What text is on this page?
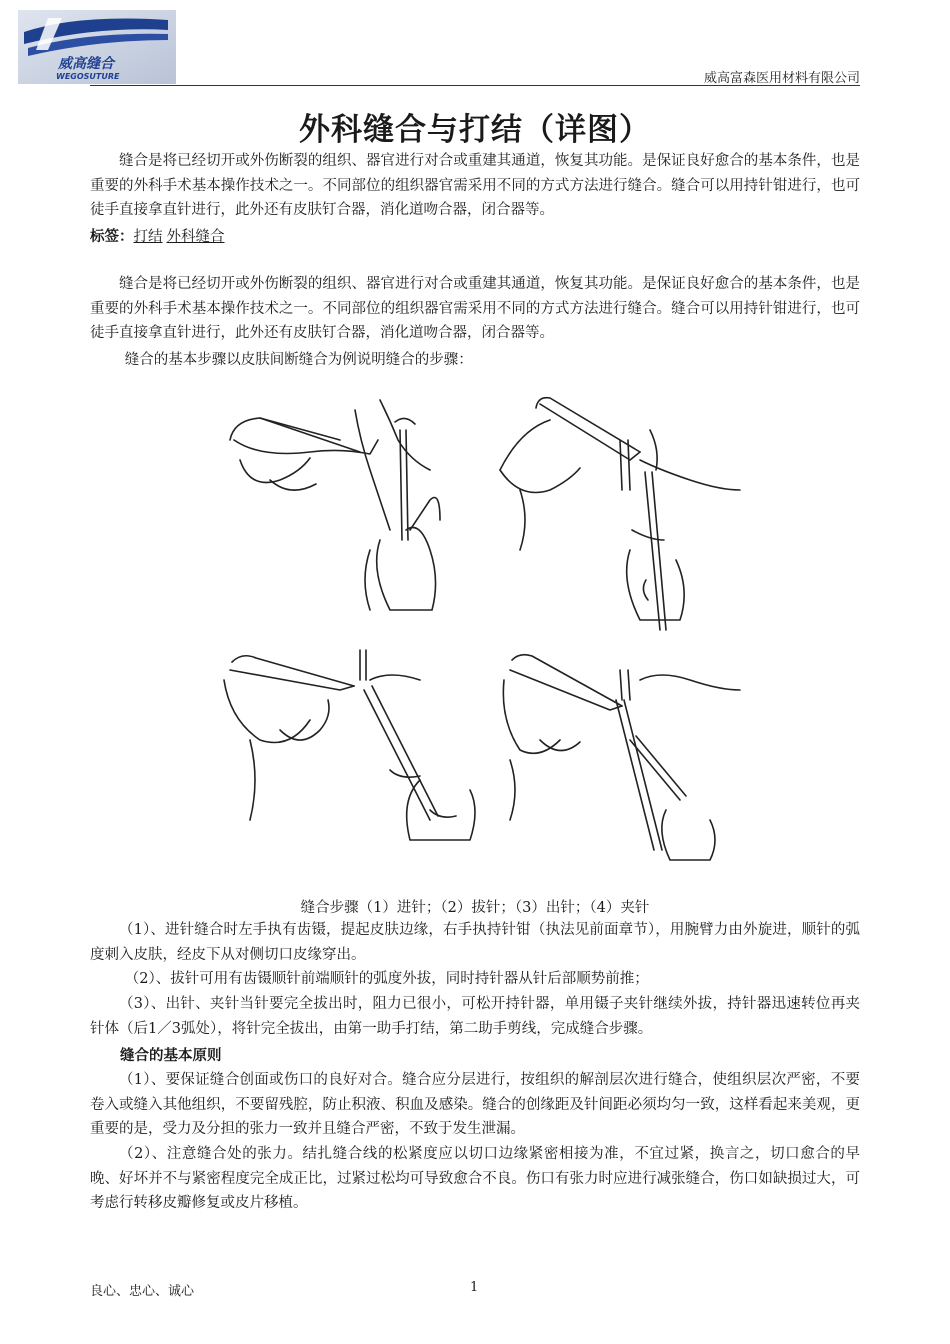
威高缝合
WEGOSUTURE	威高富森医用材料有限公司
外科缝合与打结（详图）

缝合是将已经切开或外伤断裂的组织、器官进行对合或重建其通道，恢复其功能。是保证良好愈合的基本条件，也是重要的外科手术基本操作技术之一。不同部位的组织器官需采用不同的方式方法进行缝合。缝合可以用持针钳进行，也可徒手直接拿直针进行，此外还有皮肤钉合器，消化道吻合器，闭合器等。

标签：打结 外科缝合

缝合是将已经切开或外伤断裂的组织、器官进行对合或重建其通道，恢复其功能。是保证良好愈合的基本条件，也是重要的外科手术基本操作技术之一。不同部位的组织器官需采用不同的方式方法进行缝合。缝合可以用持针钳进行，也可徒手直接拿直针进行，此外还有皮肤钉合器，消化道吻合器，闭合器等。

缝合的基本步骤以皮肤间断缝合为例说明缝合的步骤：

缝合步骤（1）进针；（2）拔针；（3）出针；（4）夹针

（1）、进针缝合时左手执有齿镊，提起皮肤边缘，右手执持针钳（执法见前面章节），用腕臂力由外旋进，顺针的弧度刺入皮肤，经皮下从对侧切口皮缘穿出。

（2）、拔针可用有齿镊顺针前端顺针的弧度外拔，同时持针器从针后部顺势前推；

（3）、出针、夹针当针要完全拔出时，阻力已很小，可松开持针器，单用镊子夹针继续外拔，持针器迅速转位再夹针体（后1／3弧处），将针完全拔出，由第一助手打结，第二助手剪线，完成缝合步骤。

缝合的基本原则

（1）、要保证缝合创面或伤口的良好对合。缝合应分层进行，按组织的解剖层次进行缝合，使组织层次严密，不要卷入或缝入其他组织，不要留残腔，防止积液、积血及感染。缝合的创缘距及针间距必须均匀一致，这样看起来美观，更重要的是，受力及分担的张力一致并且缝合严密，不致于发生泄漏。

（2）、注意缝合处的张力。结扎缝合线的松紧度应以切口边缘紧密相接为准，不宜过紧，换言之，切口愈合的早晚、好坏并不与紧密程度完全成正比，过紧过松均可导致愈合不良。伤口有张力时应进行减张缝合，伤口如缺损过大，可考虑行转移皮瓣修复或皮片移植。

良心、忠心、诚心	1
